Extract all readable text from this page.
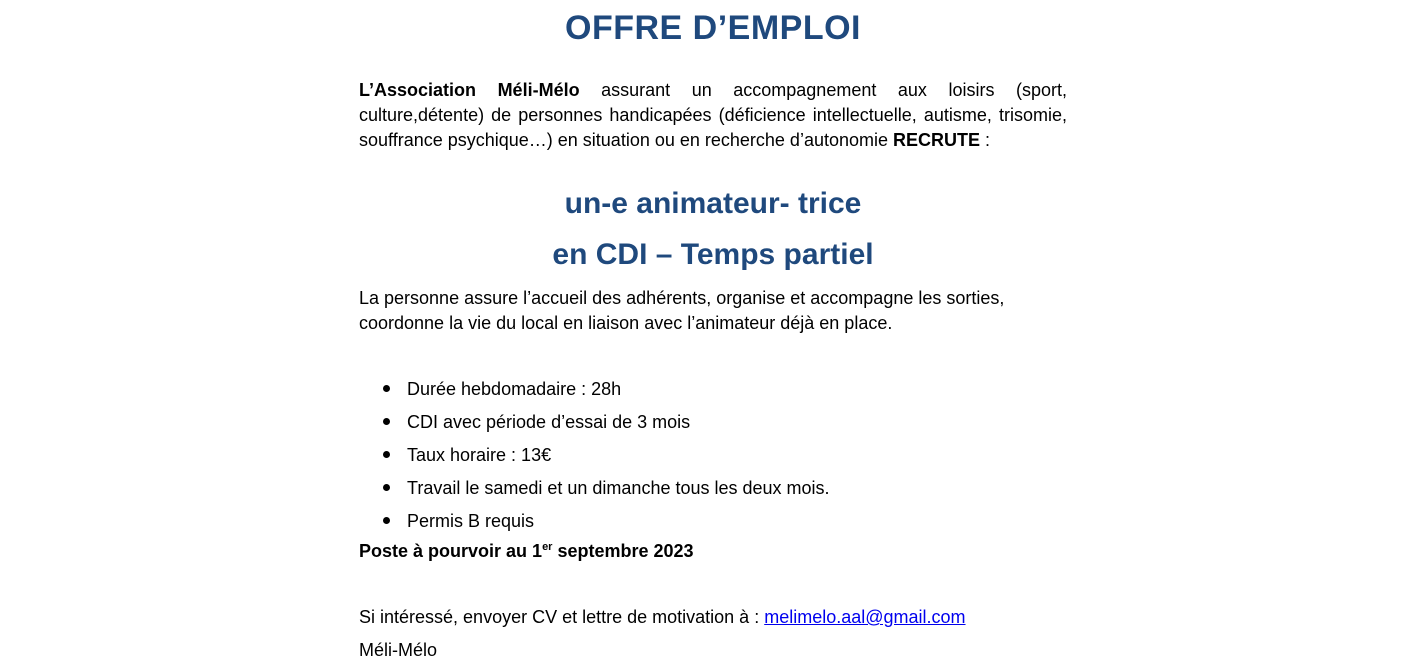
OFFRE D’EMPLOI
L’Association Méli-Mélo assurant un accompagnement aux loisirs (sport, culture,détente) de personnes handicapées (déficience intellectuelle, autisme, trisomie, souffrance psychique…) en situation ou en recherche d’autonomie RECRUTE :
un-e animateur- trice
en CDI – Temps partiel
La personne assure l’accueil des adhérents, organise et accompagne les sorties, coordonne la vie du local en liaison avec l’animateur déjà en place.
Durée hebdomadaire : 28h
CDI avec période d’essai de 3 mois
Taux horaire : 13€
Travail le samedi et un dimanche tous les deux mois.
Permis B requis
Poste à pourvoir au 1er septembre 2023
Si intéressé, envoyer CV et lettre de motivation à : melimelo.aal@gmail.com
Méli-Mélo
